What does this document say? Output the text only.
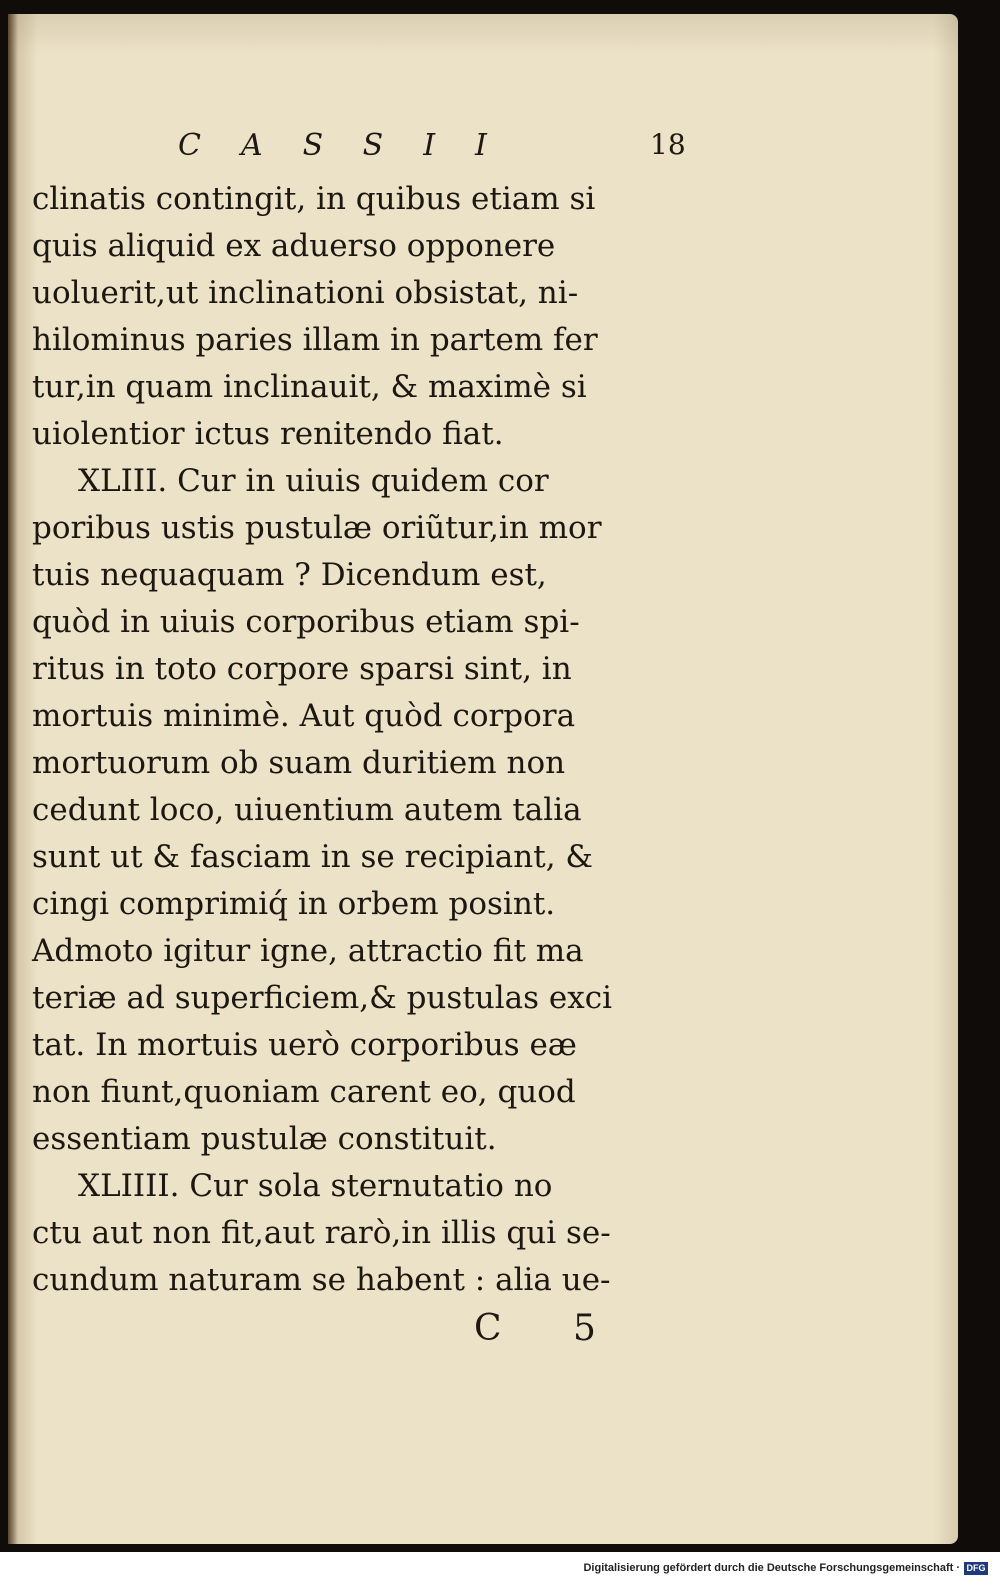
CASSII	18
clinatis contingit, in quibus etiam si
quis aliquid ex aduerso opponere
uoluerit,ut inclinationi obsistat, ni-
hilominus paries illam in partem fer
tur,in quam inclinauit, & maximè si
uiolentior ictus renitendo fiat.
XLIII. Cur in uiuis quidem cor
poribus ustis pustulæ oriũtur,in mor
tuis nequaquam ? Dicendum est,
quòd in uiuis corporibus etiam spi-
ritus in toto corpore sparsi sint, in
mortuis minimè. Aut quòd corpora
mortuorum ob suam duritiem non
cedunt loco, uiuentium autem talia
sunt ut & fasciam in se recipiant, &
cingi comprimiq́ in orbem posint.
Admoto igitur igne, attractio fit ma
teriæ ad superficiem,& pustulas exci
tat. In mortuis uerò corporibus eæ
non fiunt,quoniam carent eo, quod
essentiam pustulæ constituit.
XLIIII. Cur sola sternutatio no
ctu aut non fit,aut rarò,in illis qui se-
cundum naturam se habent : alia ue-
C 5
Digitalisierung gefördert durch die Deutsche Forschungsgemeinschaft · DFG
